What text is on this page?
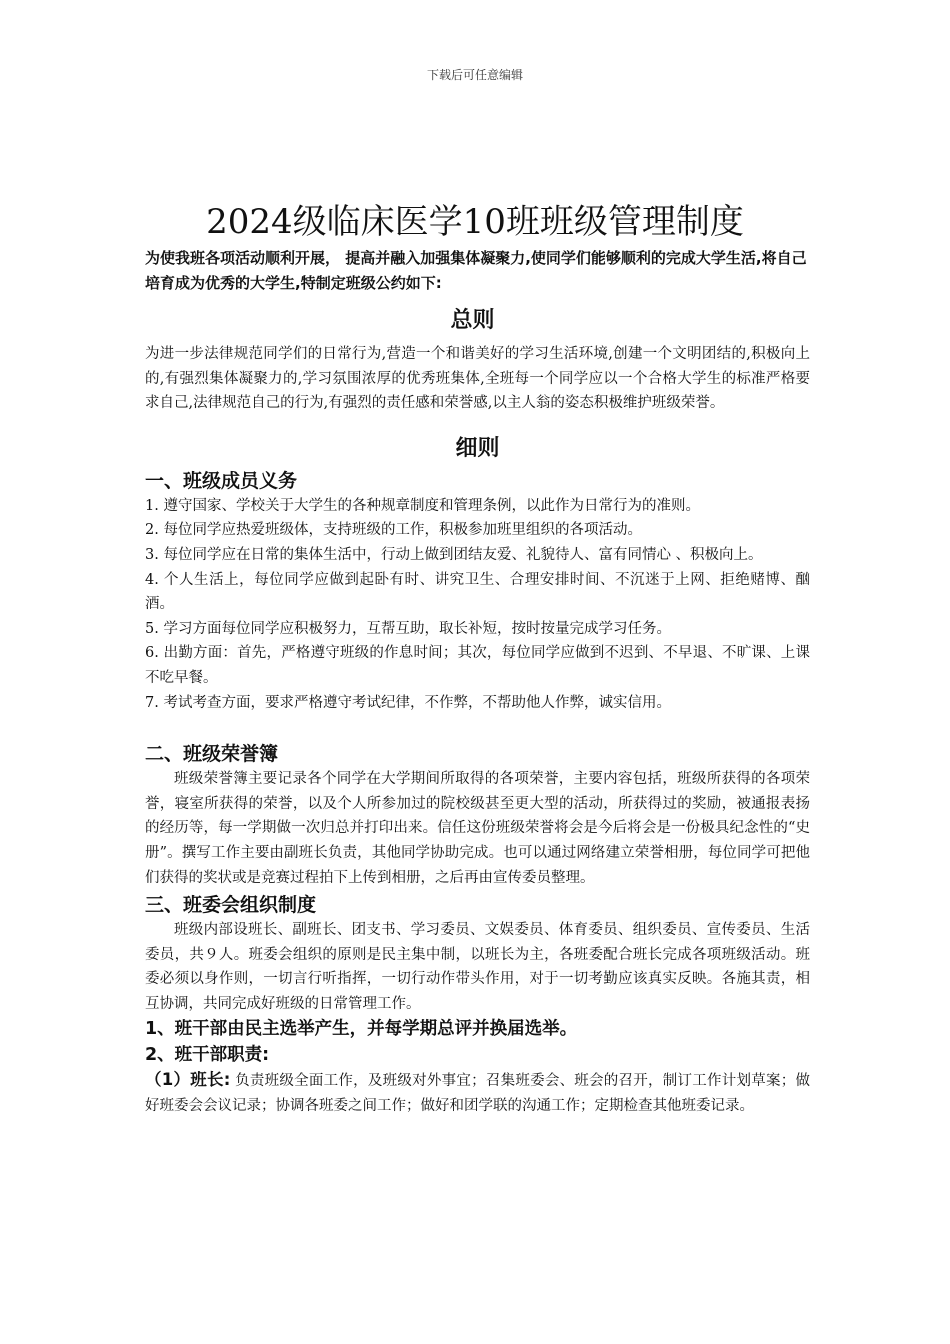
下载后可任意编辑
2024级临床医学10班班级管理制度

为使我班各项活动顺利开展， 提高并融入加强集体凝聚力,使同学们能够顺利的完成大学生活,将自己培育成为优秀的大学生,特制定班级公约如下:

总则

为进一步法律规范同学们的日常行为,营造一个和谐美好的学习生活环境,创建一个文明团结的,积极向上的,有强烈集体凝聚力的,学习氛围浓厚的优秀班集体,全班每一个同学应以一个合格大学生的标准严格要求自己,法律规范自己的行为,有强烈的责任感和荣誉感,以主人翁的姿态积极维护班级荣誉。

细则
一、班级成员义务
1. 遵守国家、学校关于大学生的各种规章制度和管理条例，以此作为日常行为的准则。
2. 每位同学应热爱班级体，支持班级的工作，积极参加班里组织的各项活动。
3. 每位同学应在日常的集体生活中，行动上做到团结友爱、礼貌待人、富有同情心 、积极向上。
4. 个人生活上，每位同学应做到起卧有时、讲究卫生、合理安排时间、不沉迷于上网、拒绝赌博、酗酒。
5. 学习方面每位同学应积极努力，互帮互助，取长补短，按时按量完成学习任务。
6. 出勤方面：首先，严格遵守班级的作息时间；其次，每位同学应做到不迟到、不早退、不旷课、上课不吃早餐。
7. 考试考查方面，要求严格遵守考试纪律，不作弊，不帮助他人作弊，诚实信用。
二、班级荣誉簿

班级荣誉簿主要记录各个同学在大学期间所取得的各项荣誉，主要内容包括，班级所获得的各项荣誉，寝室所获得的荣誉，以及个人所参加过的院校级甚至更大型的活动，所获得过的奖励，被通报表扬的经历等，每一学期做一次归总并打印出来。信任这份班级荣誉将会是今后将会是一份极具纪念性的“史册”。撰写工作主要由副班长负责，其他同学协助完成。也可以通过网络建立荣誉相册，每位同学可把他们获得的奖状或是竞赛过程拍下上传到相册，之后再由宣传委员整理。

三、班委会组织制度

班级内部设班长、副班长、团支书、学习委员、文娱委员、体育委员、组织委员、宣传委员、生活委员，共９人。班委会组织的原则是民主集中制，以班长为主，各班委配合班长完成各项班级活动。班委必须以身作则，一切言行听指挥，一切行动作带头作用，对于一切考勤应该真实反映。各施其责，相互协调，共同完成好班级的日常管理工作。

1、班干部由民主选举产生，并每学期总评并换届选举。

2、班干部职责:

（1）班长: 负责班级全面工作，及班级对外事宜；召集班委会、班会的召开，制订工作计划草案；做好班委会会议记录；协调各班委之间工作；做好和团学联的沟通工作；定期检查其他班委记录。
